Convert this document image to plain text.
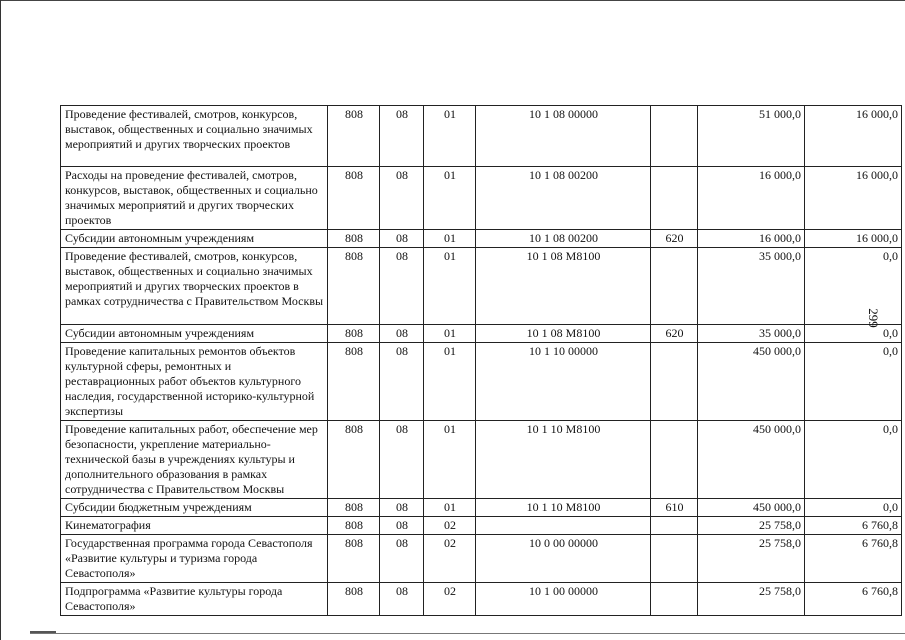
Проведение фестивалей, смотров, конкурсов, выставок, общественных и социально значимых мероприятий и других творческих проектов	808	08	01	10 1 08 00000		51 000,0	16 000,0
Расходы на проведение фестивалей, смотров, конкурсов, выставок, общественных и социально значимых мероприятий и других творческих проектов	808	08	01	10 1 08 00200		16 000,0	16 000,0
Субсидии автономным учреждениям	808	08	01	10 1 08 00200	620	16 000,0	16 000,0
Проведение фестивалей, смотров, конкурсов, выставок, общественных и социально значимых мероприятий и других творческих проектов в рамках сотрудничества с Правительством Москвы	808	08	01	10 1 08 M8100		35 000,0	0,0
Субсидии автономным учреждениям	808	08	01	10 1 08 M8100	620	35 000,0	0,0
Проведение капитальных ремонтов объектов культурной сферы, ремонтных и реставрационных работ объектов культурного наследия, государственной историко-культурной экспертизы	808	08	01	10 1 10 00000		450 000,0	0,0
Проведение капитальных работ, обеспечение мер безопасности, укрепление материально-технической базы в учреждениях культуры и дополнительного образования в рамках сотрудничества с Правительством Москвы	808	08	01	10 1 10 M8100		450 000,0	0,0
Субсидии бюджетным учреждениям	808	08	01	10 1 10 M8100	610	450 000,0	0,0
Кинематография	808	08	02			25 758,0	6 760,8
Государственная программа города Севастополя «Развитие культуры и туризма города Севастополя»	808	08	02	10 0 00 00000		25 758,0	6 760,8
Подпрограмма «Развитие культуры города Севастополя»	808	08	02	10 1 00 00000		25 758,0	6 760,8
299
